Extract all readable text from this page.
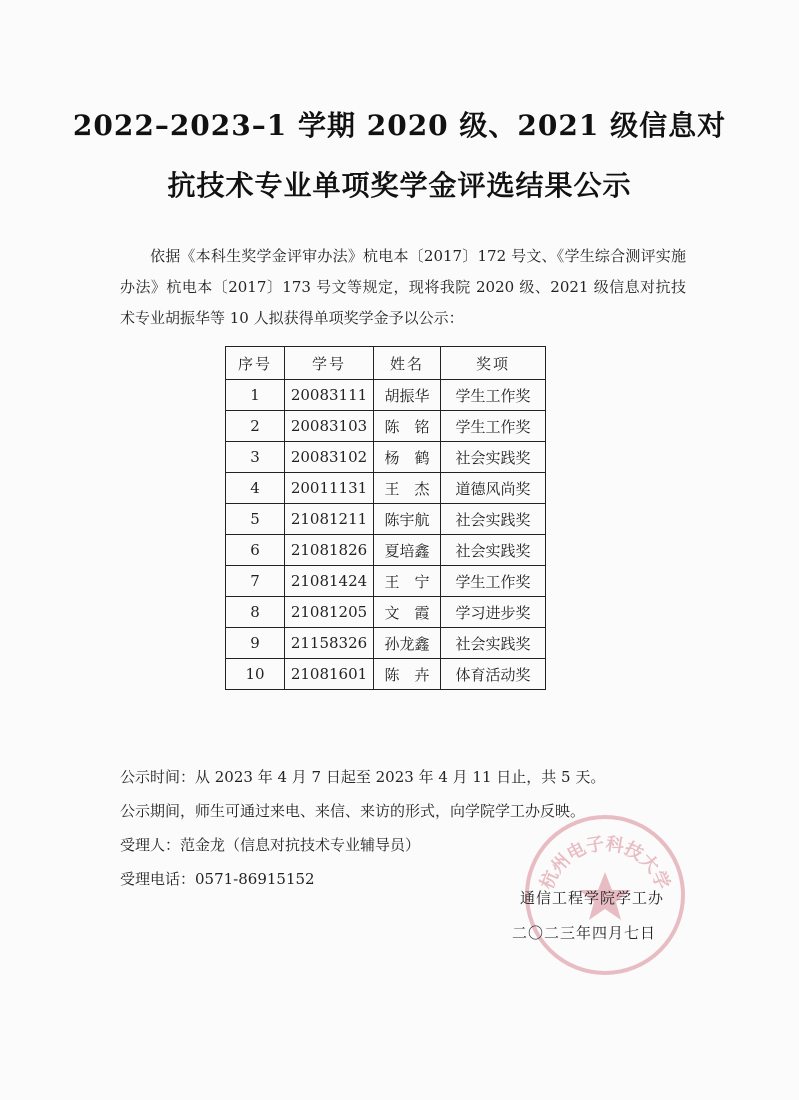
2022–2023–1 学期 2020 级、2021 级信息对
抗技术专业单项奖学金评选结果公示

依据《本科生奖学金评审办法》杭电本〔2017〕172 号文、《学生综合测评实施办法》杭电本〔2017〕173 号文等规定，现将我院 2020 级、2021 级信息对抗技术专业胡振华等 10 人拟获得单项奖学金予以公示：

序号	学号	姓名	奖项
1	20083111	胡振华	学生工作奖
2	20083103	陈　铭	学生工作奖
3	20083102	杨　鹤	社会实践奖
4	20011131	王　杰	道德风尚奖
5	21081211	陈宇航	社会实践奖
6	21081826	夏培鑫	社会实践奖
7	21081424	王　宁	学生工作奖
8	21081205	文　霞	学习进步奖
9	21158326	孙龙鑫	社会实践奖
10	21081601	陈　卉	体育活动奖

公示时间：从 2023 年 4 月 7 日起至 2023 年 4 月 11 日止，共 5 天。

公示期间，师生可通过来电、来信、来访的形式，向学院学工办反映。

受理人：范金龙（信息对抗技术专业辅导员）

受理电话：0571-86915152	杭州电子科技大学
通信工程学院学工办
二〇二三年四月七日
